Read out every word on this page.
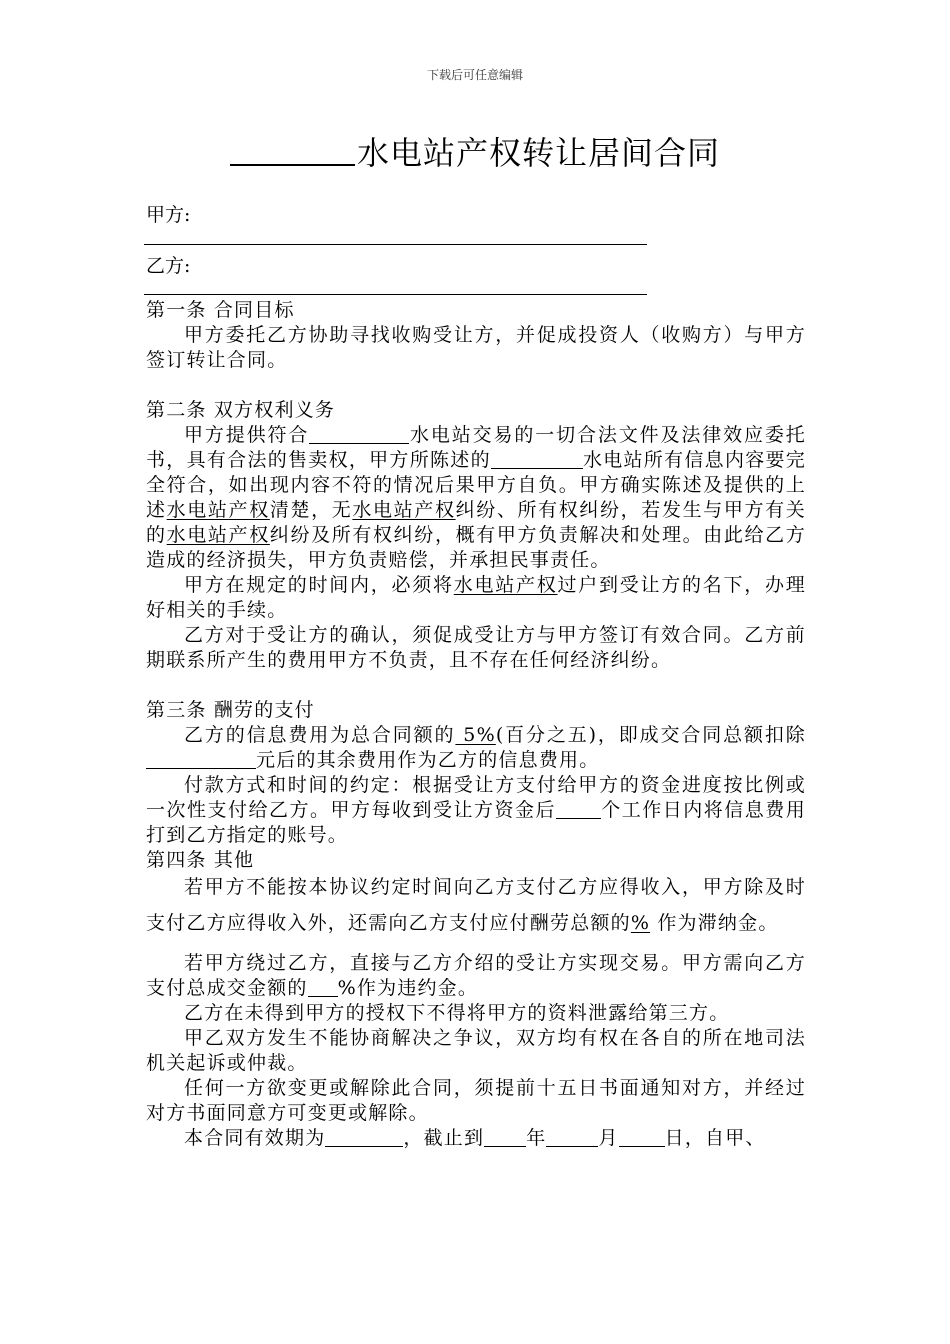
下载后可任意编辑
水电站产权转让居间合同
甲方:
乙方:

第一条 合同目标

甲方委托乙方协助寻找收购受让方，并促成投资人（收购方）与甲方签订转让合同。

第二条 双方权利义务

甲方提供符合	水电站交易的一切合法文件及法律效应委托书，具有合法的售卖权，甲方所陈述的	水电站所有信息内容要完全符合，如出现内容不符的情况后果甲方自负。甲方确实陈述及提供的上述水电站产权清楚，无水电站产权纠纷、所有权纠纷，若发生与甲方有关的水电站产权纠纷及所有权纠纷，概有甲方负责解决和处理。由此给乙方造成的经济损失，甲方负责赔偿，并承担民事责任。

甲方在规定的时间内，必须将水电站产权过户到受让方的名下，办理好相关的手续。

乙方对于受让方的确认，须促成受让方与甲方签订有效合同。乙方前期联系所产生的费用甲方不负责，且不存在任何经济纠纷。

第三条 酬劳的支付

乙方的信息费用为总合同额的 5%(百分之五)，即成交合同总额扣除元后的其余费用作为乙方的信息费用。

付款方式和时间的约定：根据受让方支付给甲方的资金进度按比例或一次性支付给乙方。甲方每收到受让方资金后 个工作日内将信息费用打到乙方指定的账号。

第四条 其他

若甲方不能按本协议约定时间向乙方支付乙方应得收入，甲方除及时支付乙方应得收入外，还需向乙方支付应付酬劳总额的% 作为滞纳金。

若甲方绕过乙方，直接与乙方介绍的受让方实现交易。甲方需向乙方支付总成交金额的 %作为违约金。

乙方在未得到甲方的授权下不得将甲方的资料泄露给第三方。

甲乙双方发生不能协商解决之争议，双方均有权在各自的所在地司法机关起诉或仲裁。

任何一方欲变更或解除此合同，须提前十五日书面通知对方，并经过对方书面同意方可变更或解除。

本合同有效期为	，截止到 年	月 日，自甲、
